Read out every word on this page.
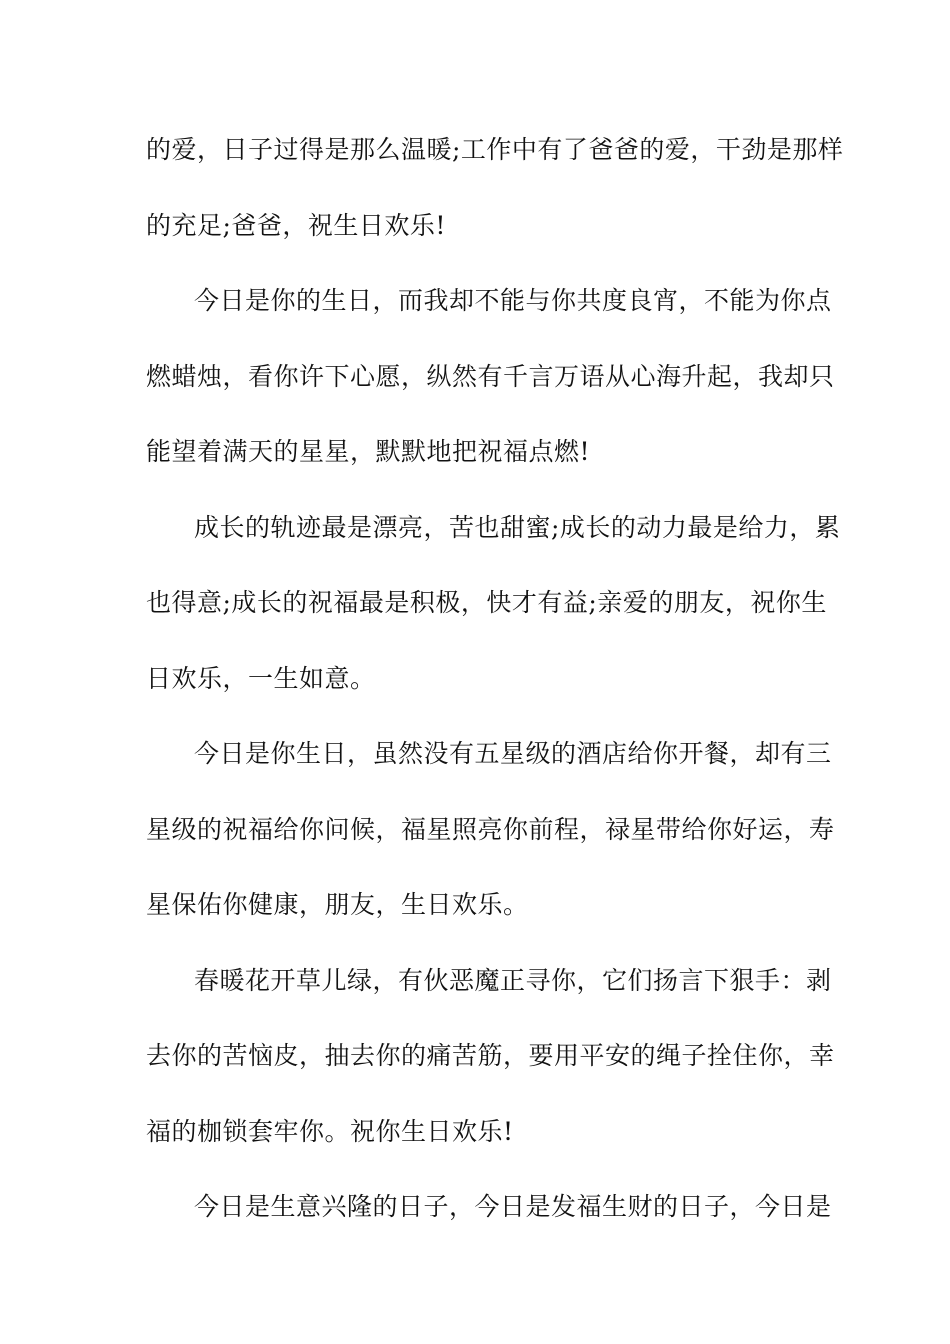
的爱，日子过得是那么温暖;工作中有了爸爸的爱，干劲是那样
的充足;爸爸，祝生日欢乐!
今日是你的生日，而我却不能与你共度良宵，不能为你点
燃蜡烛，看你许下心愿，纵然有千言万语从心海升起，我却只
能望着满天的星星，默默地把祝福点燃!
成长的轨迹最是漂亮，苦也甜蜜;成长的动力最是给力，累
也得意;成长的祝福最是积极，快才有益;亲爱的朋友，祝你生
日欢乐，一生如意。
今日是你生日，虽然没有五星级的酒店给你开餐，却有三
星级的祝福给你问候，福星照亮你前程，禄星带给你好运，寿
星保佑你健康，朋友，生日欢乐。
春暖花开草儿绿，有伙恶魔正寻你，它们扬言下狠手：剥
去你的苦恼皮，抽去你的痛苦筋，要用平安的绳子拴住你，幸
福的枷锁套牢你。祝你生日欢乐!
今日是生意兴隆的日子，今日是发福生财的日子，今日是
